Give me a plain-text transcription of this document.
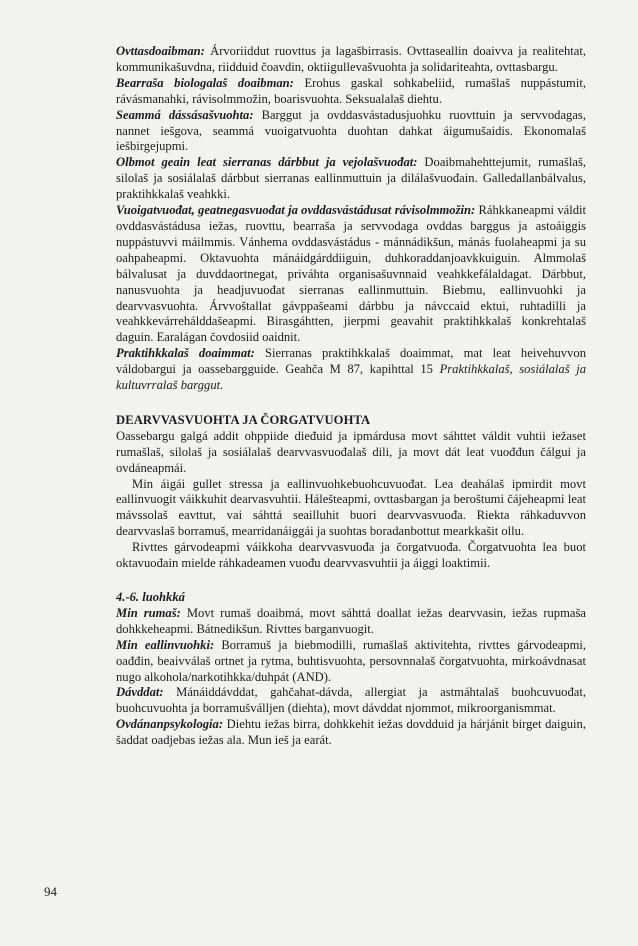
Ovttasdoaibman: Árvoriiddut ruovttus ja lagašbirrasis. Ovttaseallin doaivva ja realitehtat, kommunikašuvdna, riidduid čoavdin, oktiigullevašvuohta ja solidariteahta, ovttasbargu.

Bearraša biologalaš doaibman: Erohus gaskal sohkabeliid, rumašlaš nuppástumit, rávásmanahki, rávisolmmožin, boarisvuohta. Seksualalaš diehtu.

Seammá dássásašvuohta: Barggut ja ovddasvástadusjuohku ruovttuin ja servvodagas, nannet iešgova, seammá vuoigatvuohta duohtan dahkat áigumušaidis. Ekonomalaš iešbirgejupmi.

Olbmot geain leat sierranas dárbbut ja vejolašvuođat: Doaibmahehttejumit, rumašlaš, silolaš ja sosiálalaš dárbbut sierranas eallinmuttuin ja dilálašvuođain. Galledallanbálvalus, praktihkkalaš veahkki.

Vuoigatvuođat, geatnegasvuođat ja ovddasvástádusat rávisolmmožin: Ráhkkaneapmi váldit ovddasvástádusa iežas, ruovttu, bearraša ja servvodaga ovddas barggus ja astoáiggis nuppástuvvi máilmmis. Vánhema ovddasvástádus - mánnádikšun, mánás fuolaheapmi ja su oahpaheapmi. Oktavuohta mánáidgárddiiguin, duhkoraddanjoavkkuiguin. Almmolaš bálvalusat ja duvddaortnegat, priváhta organisašuvnnaid veahkkefálaldagat. Dárbbut, nanusvuohta ja headjuvuođat sierranas eallinmuttuin. Biebmu, eallinvuohki ja dearvvasvuohta. Árvvoštallat gávppašeami dárbbu ja návccaid ektui, ruhtadilli ja veahkkevárrehálddašeapmi. Birasgáhtten, jierpmi geavahit praktihkkalaš konkrehtalaš daguin. Earalágan čovdosiid oaidnit.

Praktihkkalaš doaimmat: Sierranas praktihkkalaš doaimmat, mat leat heivehuvvon váldobargui ja oassebargguide. Geahča M 87, kapihttal 15 Praktihkkalaš, sosiálalaš ja kultuvrralaš barggut.

DEARVVASVUOHTA JA ČORGATVUOHTA

Oassebargu galgá addit ohppiide dieđuid ja ipmárdusa movt sáhttet váldit vuhtii iežaset rumašlaš, silolaš ja sosiálalaš dearvvasvuođalaš dili, ja movt dát leat vuođđun čálgui ja ovdáneapmái.

Min áigái gullet stressa ja eallinvuohkebuohcuvuođat. Lea deahálaš ipmirdit movt eallinvuogit váikkuhit dearvasvuhtii. Hálešteapmi, ovttasbargan ja beroštumi čájeheapmi leat mávssolaš eavttut, vai sáhttá seailluhit buori dearvvasvuođa. Riekta ráhkaduvvon dearvvaslaš borramuš, mearridanáiggái ja suohtas boradanbottut mearkkašit ollu.

Rivttes gárvodeapmi váikkoha dearvvasvuođa ja čorgatvuođa. Čorgatvuohta lea buot oktavuođain mielde ráhkadeamen vuođu dearvvasvuhtii ja áiggi loaktimii.

4.-6. luohkká

Min rumaš: Movt rumaš doaibmá, movt sáhttá doallat iežas dearvvasin, iežas rupmaša dohkkeheapmi. Bátnedikšun. Rivttes barganvuogit.

Min eallinvuohki: Borramuš ja biebmodilli, rumašlaš aktivitehta, rivttes gárvodeapmi, oađđin, beaivválaš ortnet ja rytma, buhtisvuohta, persovnnalaš čorgatvuohta, mirkoávdnasat nugo alkohola/narkotihkka/duhpát (AND).

Dávddat: Mánáiddávddat, gahčahat-dávda, allergiat ja astmáhtalaš buohcuvuođat, buohcuvuohta ja borramušválljen (diehta), movt dávddat njommot, mikroorganismmat.

Ovdánanpsykologia: Diehtu iežas birra, dohkkehit iežas dovdduid ja hárjánit birget daiguin, šaddat oadjebas iežas ala. Mun ieš ja earát.

94
